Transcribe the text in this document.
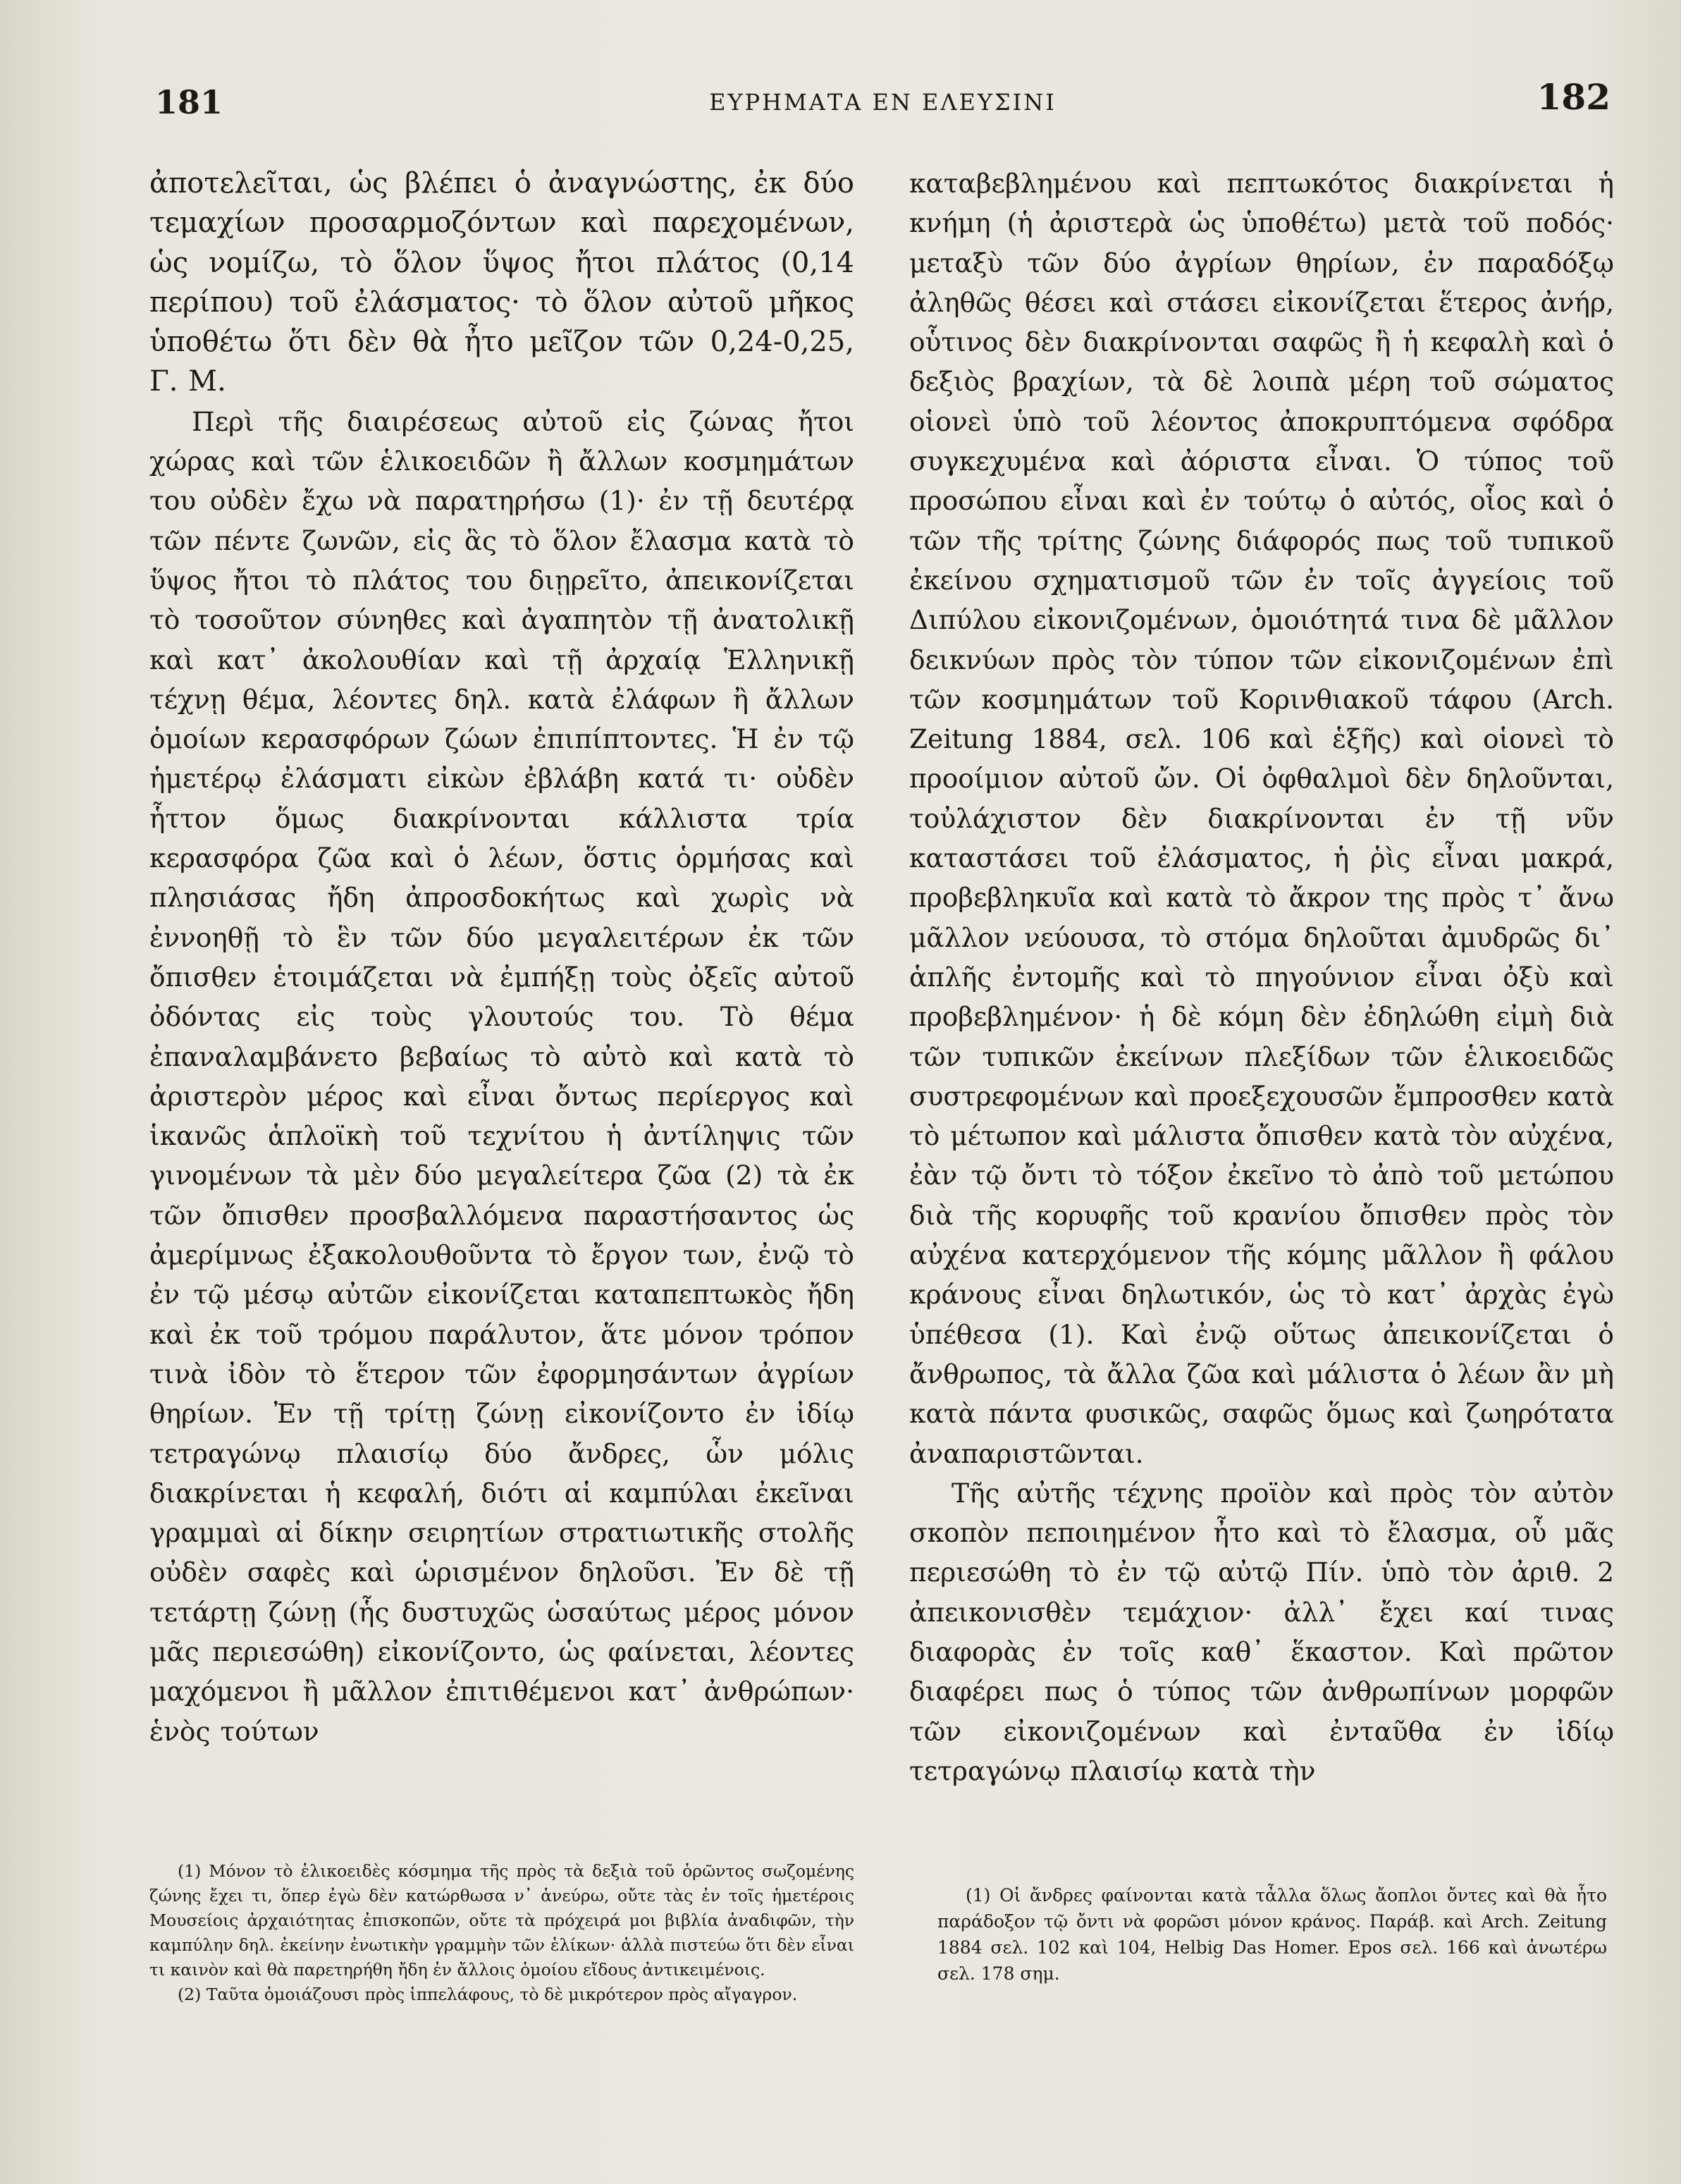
181	ΕΥΡΗΜΑΤΑ ΕΝ ΕΛΕΥΣΙΝΙ	182

ἀποτελεῖται, ὡς βλέπει ὁ ἀναγνώστης, ἐκ δύο τεμαχίων προσαρμοζόντων καὶ παρεχομένων, ὡς νομίζω, τὸ ὅλον ὕψος ἤτοι πλάτος (0,14 περίπου) τοῦ ἐλάσματος· τὸ ὅλον αὐτοῦ μῆκος ὑποθέτω ὅτι δὲν θὰ ἦτο μεῖζον τῶν 0,24-0,25, Γ. Μ.

Περὶ τῆς διαιρέσεως αὐτοῦ εἰς ζώνας ἤτοι χώρας καὶ τῶν ἑλικοειδῶν ἢ ἄλλων κοσμημάτων του οὐδὲν ἔχω νὰ παρατηρήσω (1)· ἐν τῇ δευτέρᾳ τῶν πέντε ζωνῶν, εἰς ἃς τὸ ὅλον ἔλασμα κατὰ τὸ ὕψος ἤτοι τὸ πλάτος του διῃρεῖτο, ἀπεικονίζεται τὸ τοσοῦτον σύνηθες καὶ ἀγαπητὸν τῇ ἀνατολικῇ καὶ κατ᾽ ἀκολουθίαν καὶ τῇ ἀρχαίᾳ Ἑλληνικῇ τέχνῃ θέμα, λέοντες δηλ. κατὰ ἐλάφων ἢ ἄλλων ὁμοίων κερασφόρων ζώων ἐπιπίπτοντες. Ἡ ἐν τῷ ἡμετέρῳ ἐλάσματι εἰκὼν ἐβλάβη κατά τι· οὐδὲν ἧττον ὅμως διακρίνονται κάλλιστα τρία κερασφόρα ζῶα καὶ ὁ λέων, ὅστις ὁρμήσας καὶ πλησιάσας ἤδη ἀπροσδοκήτως καὶ χωρὶς νὰ ἐννοηθῇ τὸ ἓν τῶν δύο μεγαλειτέρων ἐκ τῶν ὄπισθεν ἑτοιμάζεται νὰ ἐμπήξῃ τοὺς ὀξεῖς αὐτοῦ ὀδόντας εἰς τοὺς γλουτούς του. Τὸ θέμα ἐπαναλαμβάνετο βεβαίως τὸ αὐτὸ καὶ κατὰ τὸ ἀριστερὸν μέρος καὶ εἶναι ὄντως περίεργος καὶ ἱκανῶς ἁπλοϊκὴ τοῦ τεχνίτου ἡ ἀντίληψις τῶν γινομένων τὰ μὲν δύο μεγαλείτερα ζῶα (2) τὰ ἐκ τῶν ὄπισθεν προσβαλλόμενα παραστήσαντος ὡς ἀμερίμνως ἐξακολουθοῦντα τὸ ἔργον των, ἐνῷ τὸ ἐν τῷ μέσῳ αὐτῶν εἰκονίζεται καταπεπτωκὸς ἤδη καὶ ἐκ τοῦ τρόμου παράλυτον, ἅτε μόνον τρόπον τινὰ ἰδὸν τὸ ἕτερον τῶν ἐφορμησάντων ἀγρίων θηρίων. Ἐν τῇ τρίτῃ ζώνῃ εἰκονίζοντο ἐν ἰδίῳ τετραγώνῳ πλαισίῳ δύο ἄνδρες, ὧν μόλις διακρίνεται ἡ κεφαλή, διότι αἱ καμπύλαι ἐκεῖναι γραμμαὶ αἱ δίκην σειρητίων στρατιωτικῆς στολῆς οὐδὲν σαφὲς καὶ ὡρισμένον δηλοῦσι. Ἐν δὲ τῇ τετάρτῃ ζώνῃ (ἧς δυστυχῶς ὡσαύτως μέρος μόνον μᾶς περιεσώθη) εἰκονίζοντο, ὡς φαίνεται, λέοντες μαχόμενοι ἢ μᾶλλον ἐπιτιθέμενοι κατ᾽ ἀνθρώπων· ἑνὸς τούτων

(1) Μόνον τὸ ἑλικοειδὲς κόσμημα τῆς πρὸς τὰ δεξιὰ τοῦ ὁρῶντος σωζομένης ζώνης ἔχει τι, ὅπερ ἐγὼ δὲν κατώρθωσα ν᾽ ἀνεύρω, οὔτε τὰς ἐν τοῖς ἡμετέροις Μουσείοις ἀρχαιότητας ἐπισκοπῶν, οὔτε τὰ πρόχειρά μοι βιβλία ἀναδιφῶν, τὴν καμπύλην δηλ. ἐκείνην ἐνωτικὴν γραμμὴν τῶν ἑλίκων· ἀλλὰ πιστεύω ὅτι δὲν εἶναι τι καινὸν καὶ θὰ παρετηρήθη ἤδη ἐν ἄλλοις ὁμοίου εἴδους ἀντικειμένοις.

(2) Ταῦτα ὁμοιάζουσι πρὸς ἱππελάφους, τὸ δὲ μικρότερον πρὸς αἴγαγρον.

καταβεβλημένου καὶ πεπτωκότος διακρίνεται ἡ κνήμη (ἡ ἀριστερὰ ὡς ὑποθέτω) μετὰ τοῦ ποδός· μεταξὺ τῶν δύο ἀγρίων θηρίων, ἐν παραδόξῳ ἀληθῶς θέσει καὶ στάσει εἰκονίζεται ἕτερος ἀνήρ, οὗτινος δὲν διακρίνονται σαφῶς ἢ ἡ κεφαλὴ καὶ ὁ δεξιὸς βραχίων, τὰ δὲ λοιπὰ μέρη τοῦ σώματος οἱονεὶ ὑπὸ τοῦ λέοντος ἀποκρυπτόμενα σφόδρα συγκεχυμένα καὶ ἀόριστα εἶναι. Ὁ τύπος τοῦ προσώπου εἶναι καὶ ἐν τούτῳ ὁ αὐτός, οἷος καὶ ὁ τῶν τῆς τρίτης ζώνης διάφορός πως τοῦ τυπικοῦ ἐκείνου σχηματισμοῦ τῶν ἐν τοῖς ἀγγείοις τοῦ Διπύλου εἰκονιζομένων, ὁμοιότητά τινα δὲ μᾶλλον δεικνύων πρὸς τὸν τύπον τῶν εἰκονιζομένων ἐπὶ τῶν κοσμημάτων τοῦ Κορινθιακοῦ τάφου (Arch. Zeitung 1884, σελ. 106 καὶ ἑξῆς) καὶ οἱονεὶ τὸ προοίμιον αὐτοῦ ὤν. Οἱ ὀφθαλμοὶ δὲν δηλοῦνται, τοὐλάχιστον δὲν διακρίνονται ἐν τῇ νῦν καταστάσει τοῦ ἐλάσματος, ἡ ῥὶς εἶναι μακρά, προβεβληκυῖα καὶ κατὰ τὸ ἄκρον της πρὸς τ᾽ ἄνω μᾶλλον νεύουσα, τὸ στόμα δηλοῦται ἀμυδρῶς δι᾽ ἁπλῆς ἐντομῆς καὶ τὸ πηγούνιον εἶναι ὀξὺ καὶ προβεβλημένον· ἡ δὲ κόμη δὲν ἐδηλώθη εἰμὴ διὰ τῶν τυπικῶν ἐκείνων πλεξίδων τῶν ἑλικοειδῶς συστρεφομένων καὶ προεξεχουσῶν ἔμπροσθεν κατὰ τὸ μέτωπον καὶ μάλιστα ὄπισθεν κατὰ τὸν αὐχένα, ἐὰν τῷ ὄντι τὸ τόξον ἐκεῖνο τὸ ἀπὸ τοῦ μετώπου διὰ τῆς κορυφῆς τοῦ κρανίου ὄπισθεν πρὸς τὸν αὐχένα κατερχόμενον τῆς κόμης μᾶλλον ἢ φάλου κράνους εἶναι δηλωτικόν, ὡς τὸ κατ᾽ ἀρχὰς ἐγὼ ὑπέθεσα (1). Καὶ ἐνῷ οὕτως ἀπεικονίζεται ὁ ἄνθρωπος, τὰ ἄλλα ζῶα καὶ μάλιστα ὁ λέων ἂν μὴ κατὰ πάντα φυσικῶς, σαφῶς ὅμως καὶ ζωηρότατα ἀναπαριστῶνται.

Τῆς αὐτῆς τέχνης προϊὸν καὶ πρὸς τὸν αὐτὸν σκοπὸν πεποιημένον ἦτο καὶ τὸ ἔλασμα, οὗ μᾶς περιεσώθη τὸ ἐν τῷ αὐτῷ Πίν. ὑπὸ τὸν ἀριθ. 2 ἀπεικονισθὲν τεμάχιον· ἀλλ᾽ ἔχει καί τινας διαφορὰς ἐν τοῖς καθ᾽ ἕκαστον. Καὶ πρῶτον διαφέρει πως ὁ τύπος τῶν ἀνθρωπίνων μορφῶν τῶν εἰκονιζομένων καὶ ἐνταῦθα ἐν ἰδίῳ τετραγώνῳ πλαισίῳ κατὰ τὴν

(1) Οἱ ἄνδρες φαίνονται κατὰ τἆλλα ὅλως ἄοπλοι ὄντες καὶ θὰ ἦτο παράδοξον τῷ ὄντι νὰ φορῶσι μόνον κράνος. Παράβ. καὶ Arch. Zeitung 1884 σελ. 102 καὶ 104, Helbig Das Homer. Epos σελ. 166 καὶ ἀνωτέρω σελ. 178 σημ.
